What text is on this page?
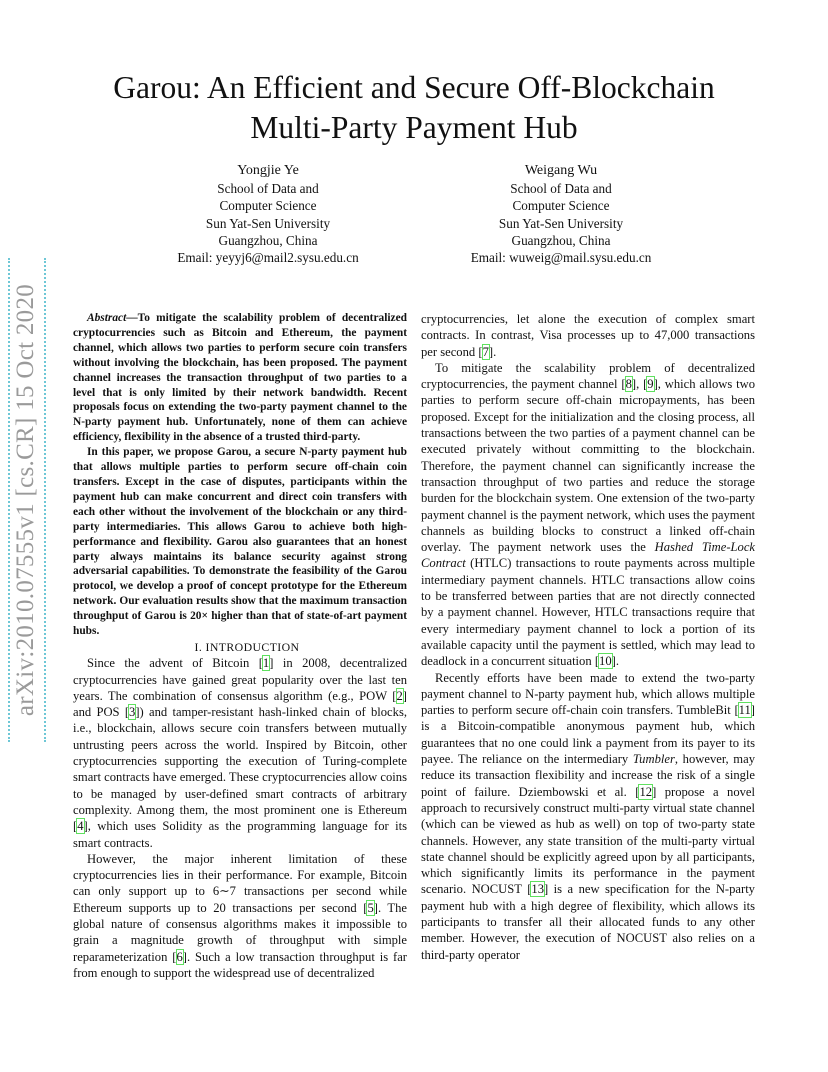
arXiv:2010.07555v1 [cs.CR] 15 Oct 2020
Garou: An Efficient and Secure Off-Blockchain
Multi-Party Payment Hub
Yongjie Ye
School of Data and
Computer Science
Sun Yat-Sen University
Guangzhou, China
Email: yeyyj6@mail2.sysu.edu.cn
Weigang Wu
School of Data and
Computer Science
Sun Yat-Sen University
Guangzhou, China
Email: wuweig@mail.sysu.edu.cn

Abstract—To mitigate the scalability problem of decentralized cryptocurrencies such as Bitcoin and Ethereum, the payment channel, which allows two parties to perform secure coin transfers without involving the blockchain, has been proposed. The payment channel increases the transaction throughput of two parties to a level that is only limited by their network bandwidth. Recent proposals focus on extending the two-party payment channel to the N-party payment hub. Unfortunately, none of them can achieve efficiency, flexibility in the absence of a trusted third-party.

In this paper, we propose Garou, a secure N-party payment hub that allows multiple parties to perform secure off-chain coin transfers. Except in the case of disputes, participants within the payment hub can make concurrent and direct coin transfers with each other without the involvement of the blockchain or any third-party intermediaries. This allows Garou to achieve both high-performance and flexibility. Garou also guarantees that an honest party always maintains its balance security against strong adversarial capabilities. To demonstrate the feasibility of the Garou protocol, we develop a proof of concept prototype for the Ethereum network. Our evaluation results show that the maximum transaction throughput of Garou is 20× higher than that of state-of-art payment hubs.

I. INTRODUCTION

Since the advent of Bitcoin [ 1 ] in 2008, decentralized cryptocurrencies have gained great popularity over the last ten years. The combination of consensus algorithm (e.g., POW [ 2 ] and POS [ 3 ] ) and tamper-resistant hash-linked chain of blocks, i.e., blockchain, allows secure coin transfers between mutually untrusting peers across the world. Inspired by Bitcoin, other cryptocurrencies supporting the execution of Turing-complete smart contracts have emerged. These cryptocurrencies allow coins to be managed by user-defined smart contracts of arbitrary complexity. Among them, the most prominent one is Ethereum [ 4 ] , which uses Solidity as the programming language for its smart contracts.

However, the major inherent limitation of these cryptocurrencies lies in their performance. For example, Bitcoin can only support up to 6∼7 transactions per second while Ethereum supports up to 20 transactions per second [ 5 ] . The global nature of consensus algorithms makes it impossible to grain a magnitude growth of throughput with simple reparameterization [ 6 ] . Such a low transaction throughput is far from enough to support the widespread use of decentralized

cryptocurrencies, let alone the execution of complex smart contracts. In contrast, Visa processes up to 47,000 transactions per second [ 7 ] .

To mitigate the scalability problem of decentralized cryptocurrencies, the payment channel [ 8 ] , [ 9 ] , which allows two parties to perform secure off-chain micropayments, has been proposed. Except for the initialization and the closing process, all transactions between the two parties of a payment channel can be executed privately without committing to the blockchain. Therefore, the payment channel can significantly increase the transaction throughput of two parties and reduce the storage burden for the blockchain system. One extension of the two-party payment channel is the payment network, which uses the payment channels as building blocks to construct a linked off-chain overlay. The payment network uses the Hashed Time-Lock Contract (HTLC) transactions to route payments across multiple intermediary payment channels. HTLC transactions allow coins to be transferred between parties that are not directly connected by a payment channel. However, HTLC transactions require that every intermediary payment channel to lock a portion of its available capacity until the payment is settled, which may lead to deadlock in a concurrent situation [ 10 ] .

Recently efforts have been made to extend the two-party payment channel to N-party payment hub, which allows multiple parties to perform secure off-chain coin transfers. TumbleBit [ 11 ] is a Bitcoin-compatible anonymous payment hub, which guarantees that no one could link a payment from its payer to its payee. The reliance on the intermediary Tumbler, however, may reduce its transaction flexibility and increase the risk of a single point of failure. Dziembowski et al. [ 12 ] propose a novel approach to recursively construct multi-party virtual state channel (which can be viewed as hub as well) on top of two-party state channels. However, any state transition of the multi-party virtual state channel should be explicitly agreed upon by all participants, which significantly limits its performance in the payment scenario. NOCUST [ 13 ] is a new specification for the N-party payment hub with a high degree of flexibility, which allows its participants to transfer all their allocated funds to any other member. However, the execution of NOCUST also relies on a third-party operator
